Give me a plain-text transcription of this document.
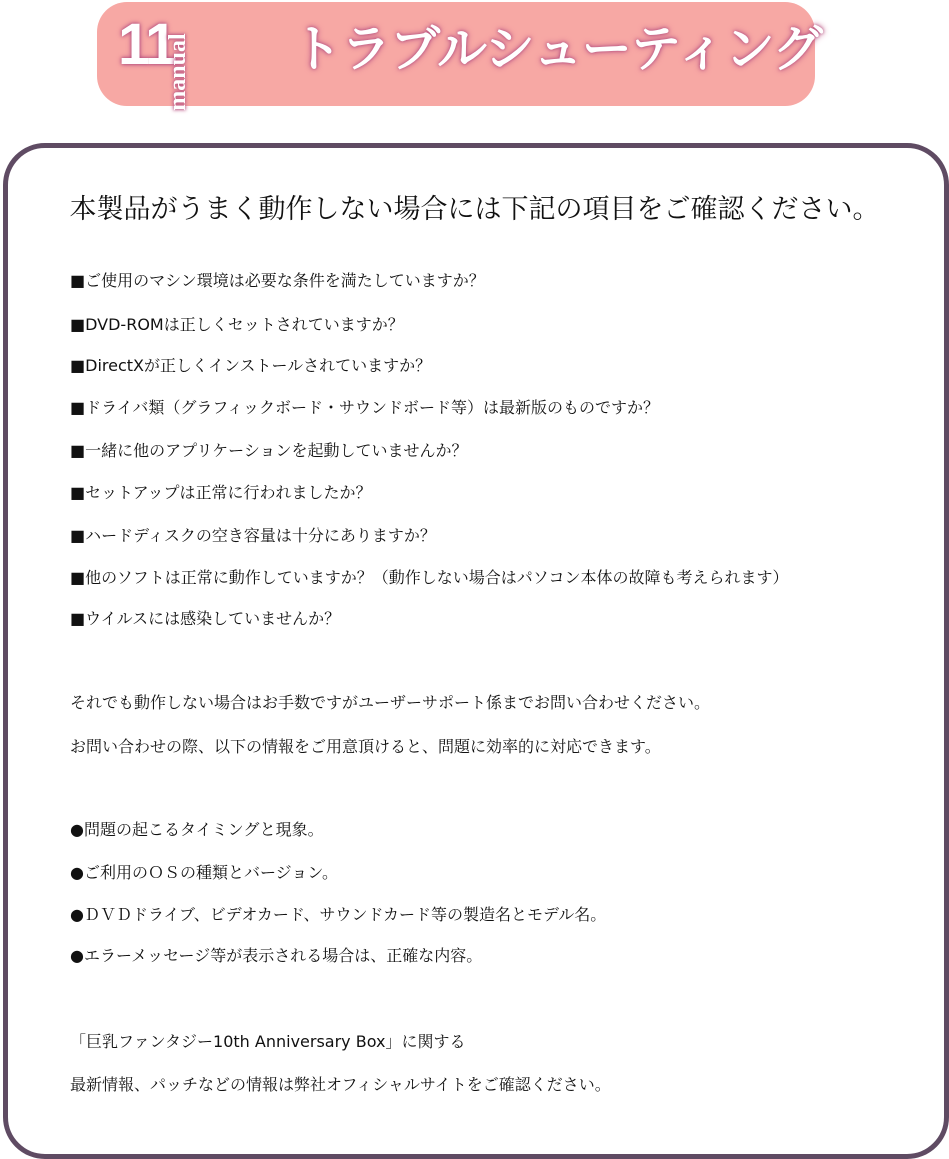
11
manual トラブルシューティング
本製品がうまく動作しない場合には下記の項目をご確認ください。
■ご使用のマシン環境は必要な条件を満たしていますか？
■DVD-ROMは正しくセットされていますか？
■DirectXが正しくインストールされていますか？
■ドライバ類（グラフィックボード・サウンドボード等）は最新版のものですか？
■一緒に他のアプリケーションを起動していませんか？
■セットアップは正常に行われましたか？
■ハードディスクの空き容量は十分にありますか？
■他のソフトは正常に動作していますか？（動作しない場合はパソコン本体の故障も考えられます）
■ウイルスには感染していませんか？
それでも動作しない場合はお手数ですがユーザーサポート係までお問い合わせください。
お問い合わせの際、以下の情報をご用意頂けると、問題に効率的に対応できます。
●問題の起こるタイミングと現象。
●ご利用のＯＳの種類とバージョン。
●ＤＶＤドライブ、ビデオカード、サウンドカード等の製造名とモデル名。
●エラーメッセージ等が表示される場合は、正確な内容。
「巨乳ファンタジー10th Anniversary Box」に関する
最新情報、パッチなどの情報は弊社オフィシャルサイトをご確認ください。
